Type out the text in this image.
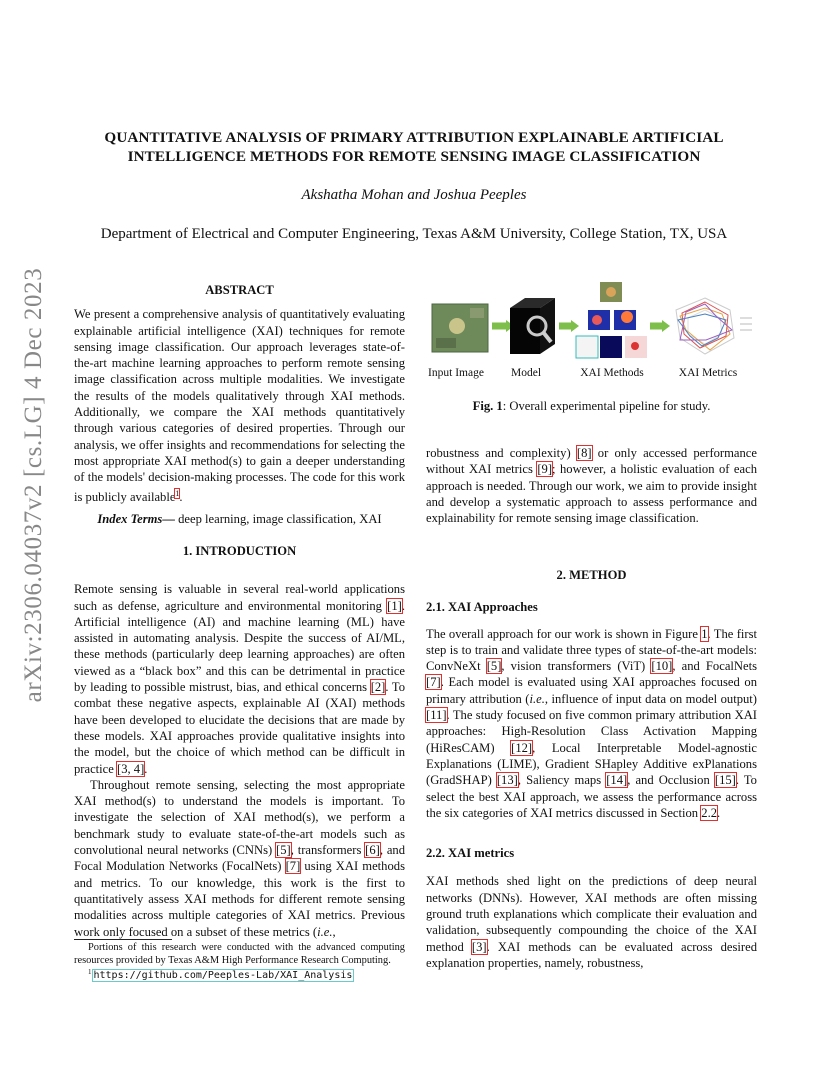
QUANTITATIVE ANALYSIS OF PRIMARY ATTRIBUTION EXPLAINABLE ARTIFICIAL
INTELLIGENCE METHODS FOR REMOTE SENSING IMAGE CLASSIFICATION
Akshatha Mohan and Joshua Peeples
Department of Electrical and Computer Engineering, Texas A&M University, College Station, TX, USA
arXiv:2306.04037v2 [cs.LG] 4 Dec 2023	ABSTRACT

We present a comprehensive analysis of quantitatively evaluating explainable artificial intelligence (XAI) techniques for remote sensing image classification. Our approach leverages state-of-the-art machine learning approaches to perform remote sensing image classification across multiple modalities. We investigate the results of the models qualitatively through XAI methods. Additionally, we compare the XAI methods quantitatively through various categories of desired properties. Through our analysis, we offer insights and recommendations for selecting the most appropriate XAI method(s) to gain a deeper understanding of the models' decision-making processes. The code for this work is publicly available$^1$.

Index Terms— deep learning, image classification, XAI

1. INTRODUCTION

Remote sensing is valuable in several real-world applications such as defense, agriculture and environmental monitoring [1]. Artificial intelligence (AI) and machine learning (ML) have assisted in automating analysis. Despite the success of AI/ML, these methods (particularly deep learning approaches) are often viewed as a “black box” and this can be detrimental in practice by leading to possible mistrust, bias, and ethical concerns [2]. To combat these negative aspects, explainable AI (XAI) methods have been developed to elucidate the decisions that are made by these models. XAI approaches provide qualitative insights into the model, but the choice of which method can be difficult in practice [3, 4].

Throughout remote sensing, selecting the most appropriate XAI method(s) to understand the models is important. To investigate the selection of XAI method(s), we perform a benchmark study to evaluate state-of-the-art models such as convolutional neural networks (CNNs) [5], transformers [6], and Focal Modulation Networks (FocalNets) [7] using XAI methods and metrics. To our knowledge, this work is the first to quantitatively assess XAI methods for different remote sensing modalities across multiple categories of XAI metrics. Previous work only focused on a subset of these metrics (i.e.,

Portions of this research were conducted with the advanced computing resources provided by Texas A&M High Performance Research Computing.
$^1$ https://github.com/Peeples-Lab/XAI_Analysis
Input Image Model	XAI Methods	XAI Metrics
Fig. 1: Overall experimental pipeline for study.

robustness and complexity) [8] or only accessed performance without XAI metrics [9]; however, a holistic evaluation of each approach is needed. Through our work, we aim to provide insight and develop a systematic approach to assess performance and explainability for remote sensing image classification.

2. METHOD
2.1. XAI Approaches

The overall approach for our work is shown in Figure 1. The first step is to train and validate three types of state-of-the-art models: ConvNeXt [5], vision transformers (ViT) [10], and FocalNets [7]. Each model is evaluated using XAI approaches focused on primary attribution (i.e., influence of input data on model output) [11]. The study focused on five common primary attribution XAI approaches: High-Resolution Class Activation Mapping (HiResCAM) [12], Local Interpretable Model-agnostic Explanations (LIME), Gradient SHapley Additive exPlanations (GradSHAP) [13], Saliency maps [14], and Occlusion [15]. To select the best XAI approach, we assess the performance across the six categories of XAI metrics discussed in Section 2.2.

2.2. XAI metrics

XAI methods shed light on the predictions of deep neural networks (DNNs). However, XAI methods are often missing ground truth explanations which complicate their evaluation and validation, subsequently compounding the choice of the XAI method [3]. XAI methods can be evaluated across desired explanation properties, namely, robustness,
